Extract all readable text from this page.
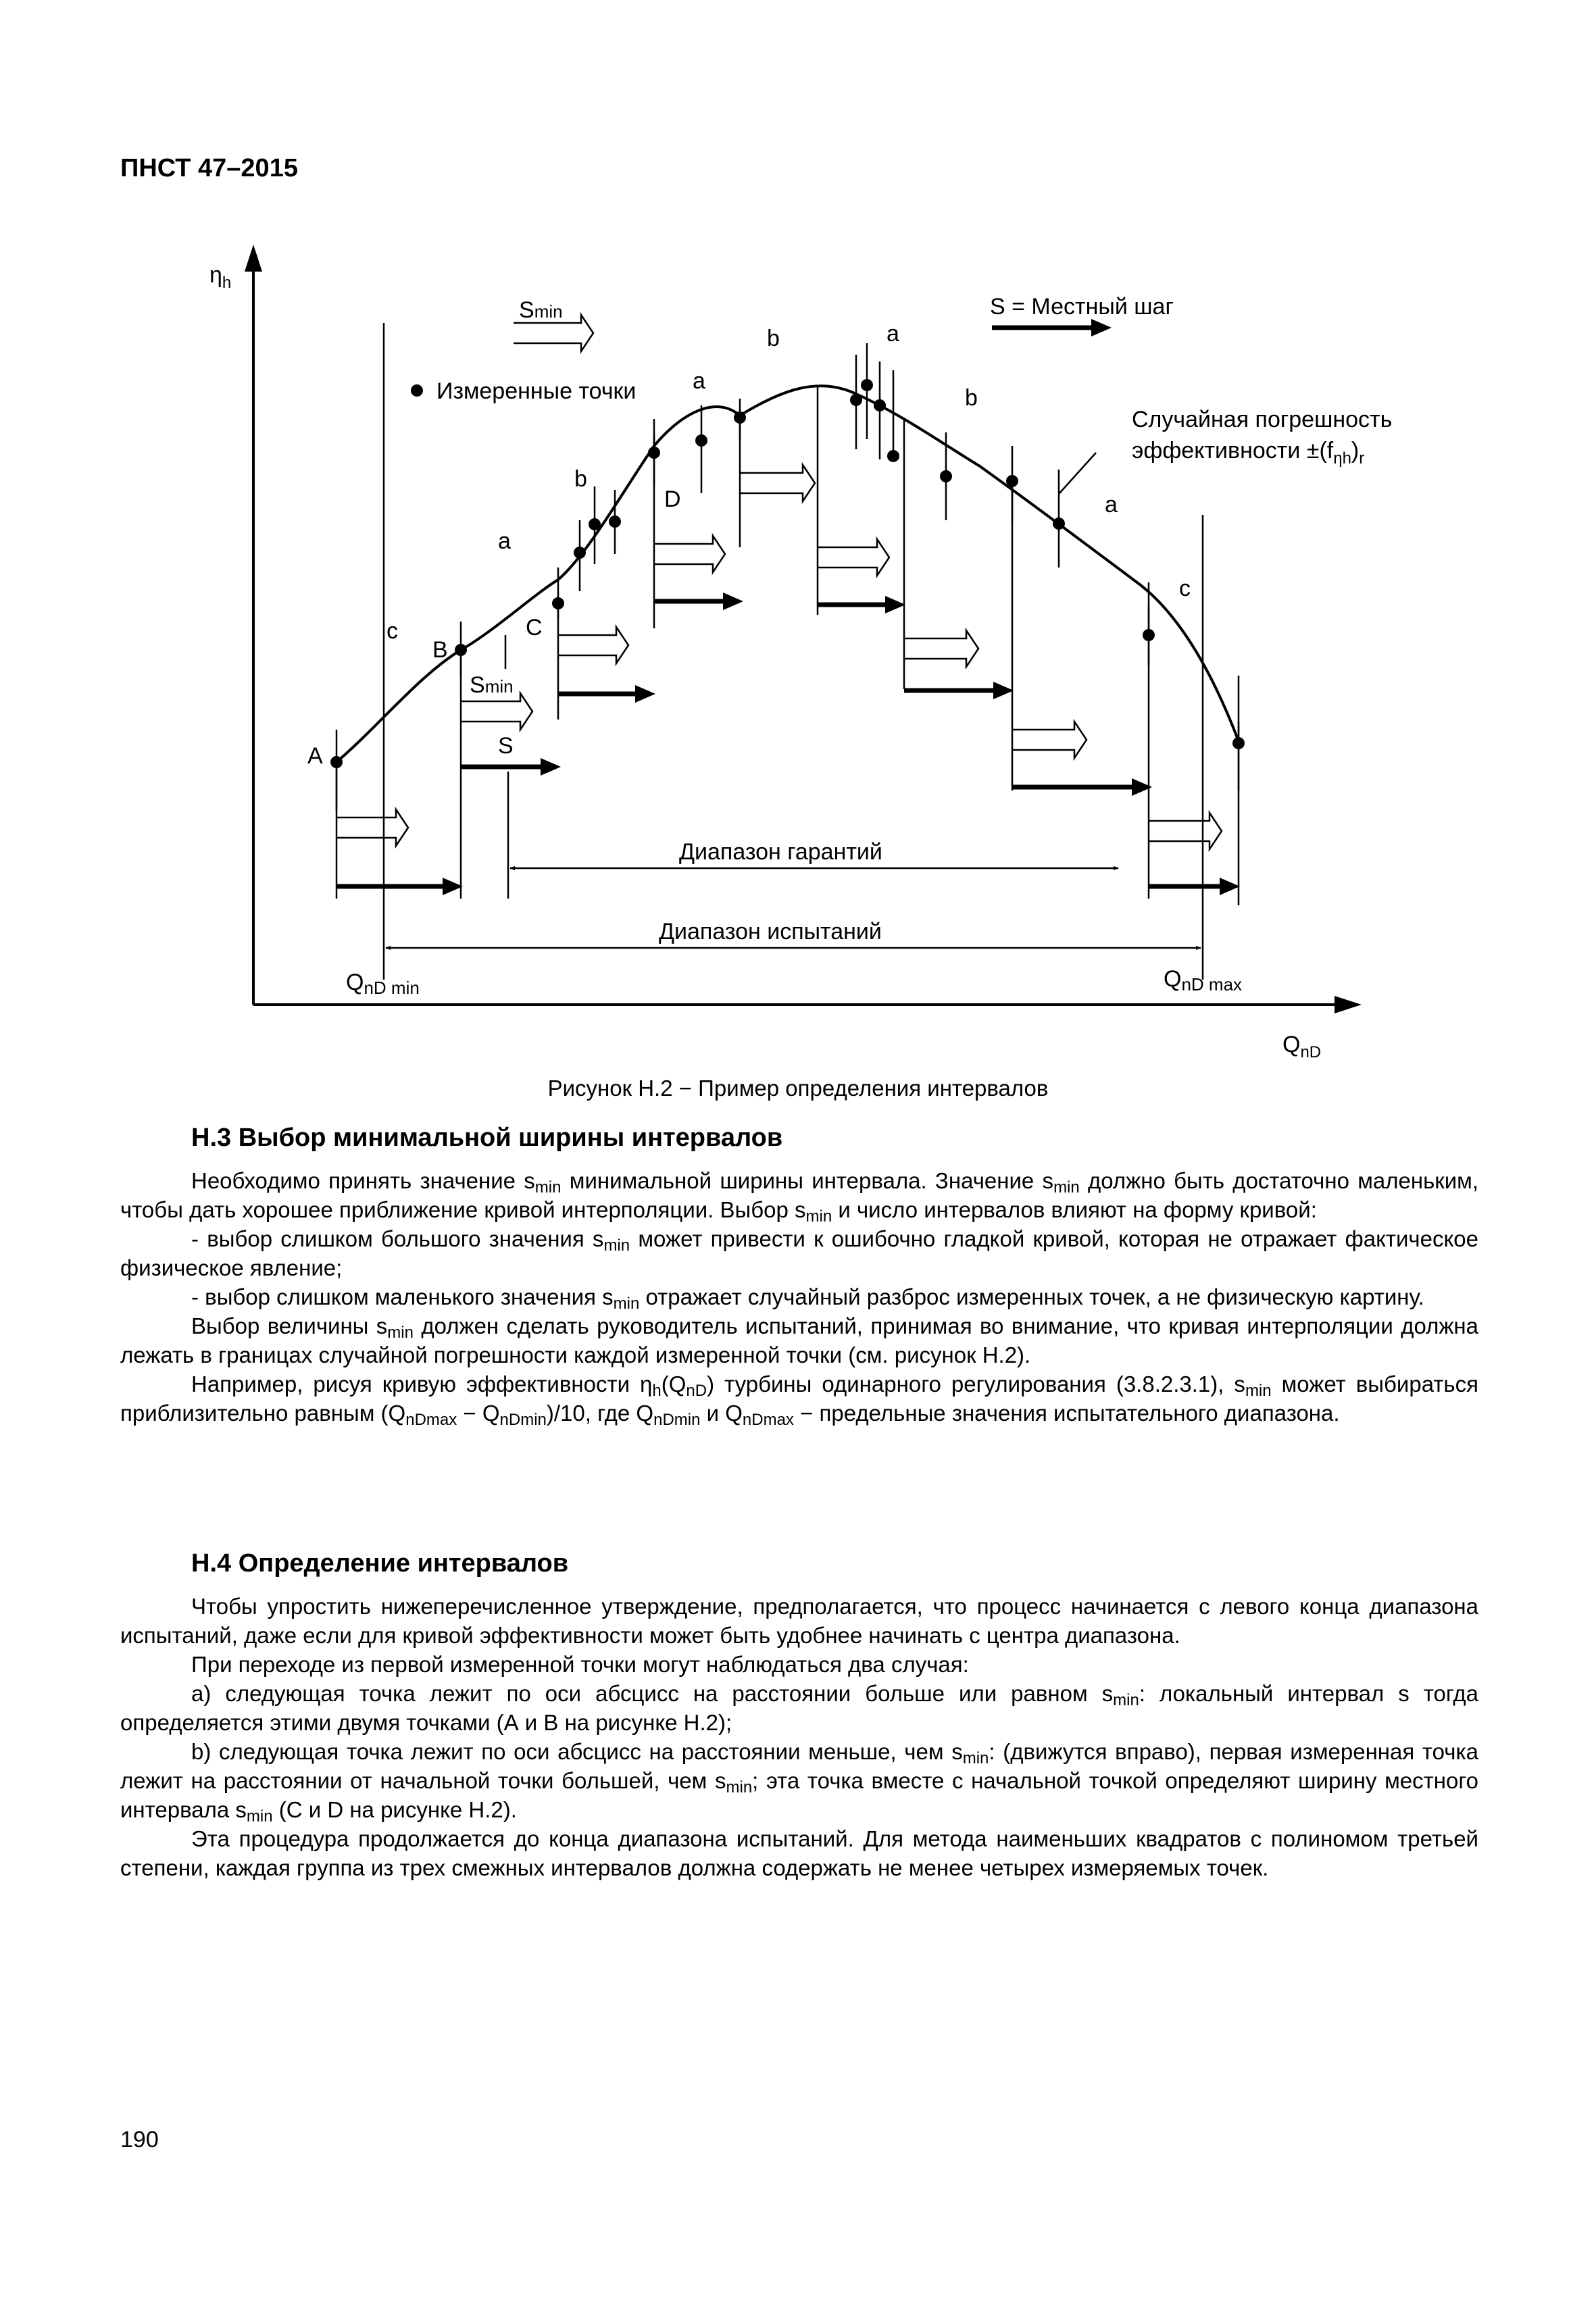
ПНСТ 47–2015
$\eta_h$
$Q_{nD}$
Smin
Измеренные точки
S = Местный шаг
Случайная погрешность
эффективности $\pm(f_{\eta h})_r$
Диапазон гарантий
Диапазон испытаний
QnD min	QnD max
A
B
C
D
Smin
S
c
a
b
a
b	a
b
a
c
Рисунок Н.2 − Пример определения интервалов
Н.3 Выбор минимальной ширины интервалов

Необходимо принять значение $s_{min}$ минимальной ширины интервала. Значение $s_{min}$ должно быть достаточно маленьким, чтобы дать хорошее приближение кривой интерполяции. Выбор $s_{min}$ и число интервалов влияют на форму кривой:

- выбор слишком большого значения $s_{min}$ может привести к ошибочно гладкой кривой, которая не отражает фактическое физическое явление;

- выбор слишком маленького значения $s_{min}$ отражает случайный разброс измеренных точек, а не физическую картину.

Выбор величины $s_{min}$ должен сделать руководитель испытаний, принимая во внимание, что кривая интерполяции должна лежать в границах случайной погрешности каждой измеренной точки (см. рисунок Н.2).

Например, рисуя кривую эффективности $\eta_h(Q_{nD})$ турбины одинарного регулирования (3.8.2.3.1), $s_{min}$ может выбираться приблизительно равным $(Q_{nDmax} - Q_{nDmin})/10$, где $Q_{nDmin}$ и $Q_{nDmax}$ − предельные значения испытательного диапазона.

Н.4 Определение интервалов

Чтобы упростить нижеперечисленное утверждение, предполагается, что процесс начинается с левого конца диапазона испытаний, даже если для кривой эффективности может быть удобнее начинать с центра диапазона.

При переходе из первой измеренной точки могут наблюдаться два случая:

а) следующая точка лежит по оси абсцисс на расстоянии больше или равном $s_{min}$: локальный интервал s тогда определяется этими двумя точками (А и В на рисунке Н.2);

b) следующая точка лежит по оси абсцисс на расстоянии меньше, чем $s_{min}$: (движутся вправо), первая измеренная точка лежит на расстоянии от начальной точки большей, чем $s_{min}$; эта точка вместе с начальной точкой определяют ширину местного интервала $s_{min}$ (C и D на рисунке Н.2).

Эта процедура продолжается до конца диапазона испытаний. Для метода наименьших квадратов с полиномом третьей степени, каждая группа из трех смежных интервалов должна содержать не менее четырех измеряемых точек.

190
